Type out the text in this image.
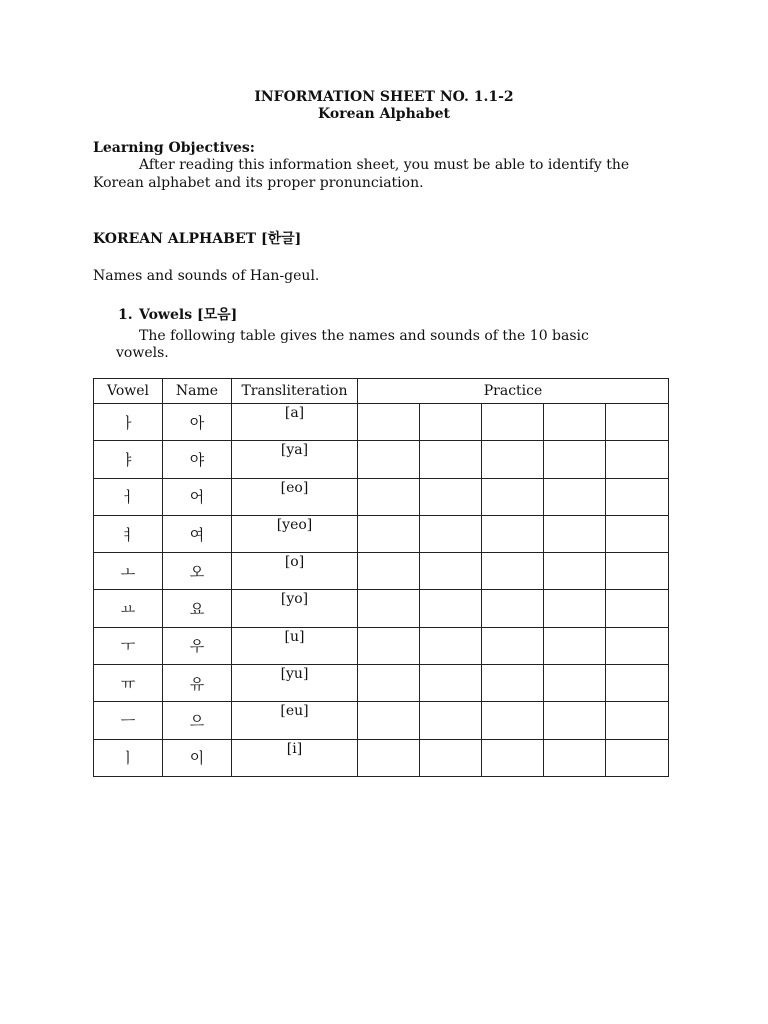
INFORMATION SHEET NO. 1.1-2

Korean Alphabet

Learning Objectives:

After reading this information sheet, you must be able to identify the

Korean alphabet and its proper pronunciation.

KOREAN ALPHABET [한글]

Names and sounds of Han-geul.

1. Vowels [모음]

The following table gives the names and sounds of the 10 basic

vowels.

Vowel	Name	Transliteration	Practice				
ㅏ	아	[a]					
ㅑ	야	[ya]					
ㅓ	어	[eo]					
ㅕ	여	[yeo]					
ㅗ	오	[o]					
ㅛ	요	[yo]					
ㅜ	우	[u]					
ㅠ	유	[yu]					
ㅡ	으	[eu]					
ㅣ	이	[i]					
